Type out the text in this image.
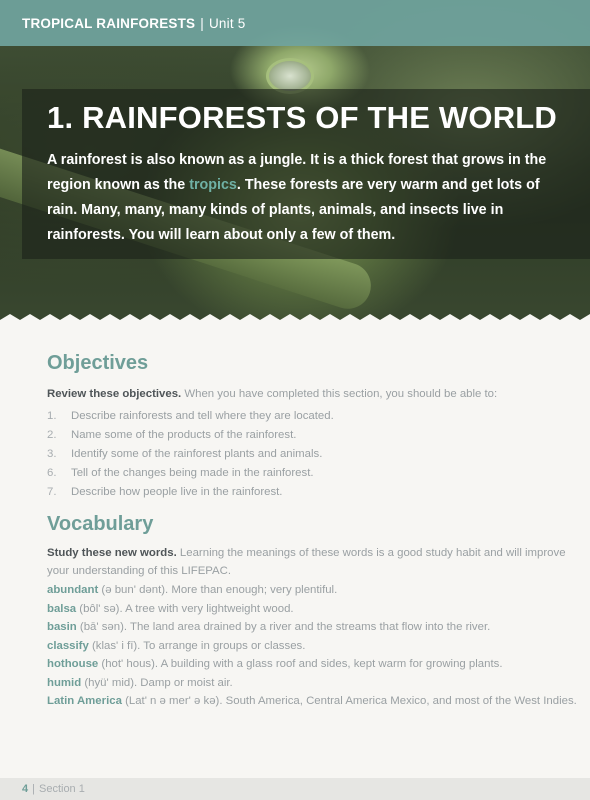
TROPICAL RAINFORESTS | Unit 5
1. RAINFORESTS OF THE WORLD

A rainforest is also known as a jungle. It is a thick forest that grows in the region known as the tropics. These forests are very warm and get lots of rain. Many, many, many kinds of plants, animals, and insects live in rainforests. You will learn about only a few of them.

Objectives

Review these objectives. When you have completed this section, you should be able to:

1.	Describe rainforests and tell where they are located.
2.	Name some of the products of the rainforest.
3.	Identify some of the rainforest plants and animals.
6.	Tell of the changes being made in the rainforest.
7.	Describe how people live in the rainforest.
Vocabulary

Study these new words. Learning the meanings of these words is a good study habit and will improve your understanding of this LIFEPAC.

abundant (ə bun' dənt). More than enough; very plentiful.
balsa (bôl' sə). A tree with very lightweight wood.
basin (bā' sən). The land area drained by a river and the streams that flow into the river.
classify (klas' i fī). To arrange in groups or classes.
hothouse (hot' hous). A building with a glass roof and sides, kept warm for growing plants.
humid (hyü' mid). Damp or moist air.
Latin America (Lat' n ə mer' ə kə). South America, Central America Mexico, and most of the West Indies.
4 | Section 1
